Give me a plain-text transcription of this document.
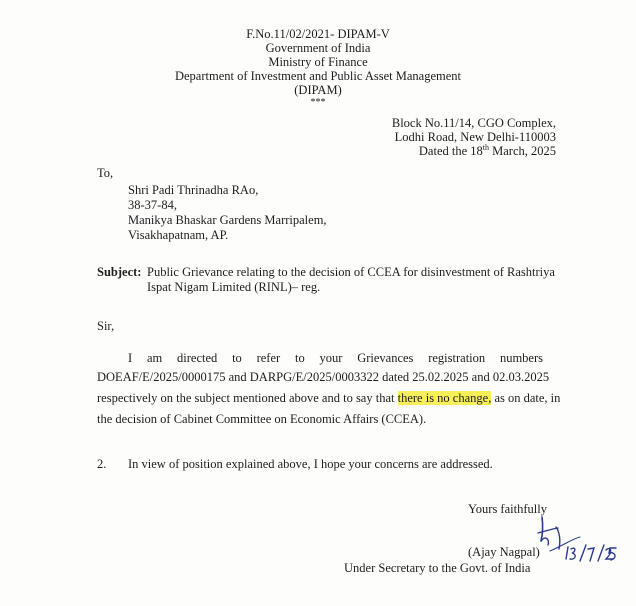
F.No.11/02/2021- DIPAM-V
Government of India
Ministry of Finance
Department of Investment and Public Asset Management
(DIPAM)
***
Block No.11/14, CGO Complex,
Lodhi Road, New Delhi-110003
Dated the 18th March, 2025
To,
Shri Padi Thrinadha RAo,
38-37-84,
Manikya Bhaskar Gardens Marripalem,
Visakhapatnam, AP.
Subject: Public Grievance relating to the decision of CCEA for disinvestment of Rashtriya
Ispat Nigam Limited (RINL)– reg.
Sir,
I am directed to refer to your Grievances registration numbers
DOEAF/E/2025/0000175 and DARPG/E/2025/0003322 dated 25.02.2025 and 02.03.2025
respectively on the subject mentioned above and to say that there is no change, as on date, in
the decision of Cabinet Committee on Economic Affairs (CCEA).
2. In view of position explained above, I hope your concerns are addressed.
Yours faithfully
(Ajay Nagpal)
Under Secretary to the Govt. of India
